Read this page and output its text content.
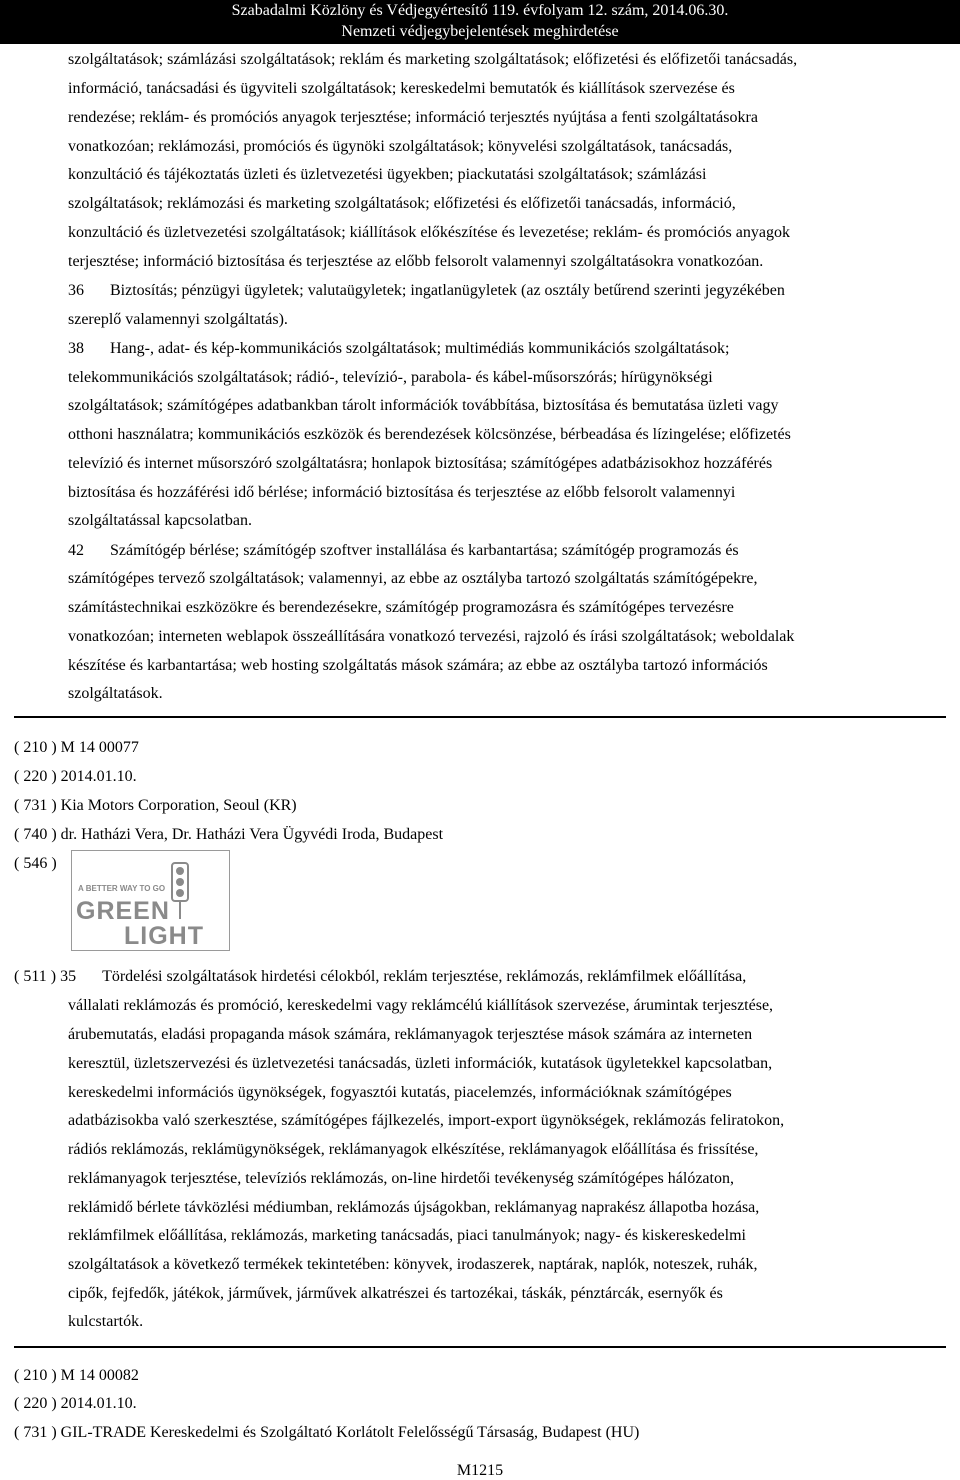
Szabadalmi Közlöny és Védjegyértesítő 119. évfolyam 12. szám, 2014.06.30.
Nemzeti védjegybejelentések meghirdetése
szolgáltatások; számlázási szolgáltatások; reklám és marketing szolgáltatások; előfizetési és előfizetői tanácsadás,
információ, tanácsadási és ügyviteli szolgáltatások; kereskedelmi bemutatók és kiállítások szervezése és
rendezése; reklám- és promóciós anyagok terjesztése; információ terjesztés nyújtása a fenti szolgáltatásokra
vonatkozóan; reklámozási, promóciós és ügynöki szolgáltatások; könyvelési szolgáltatások, tanácsadás,
konzultáció és tájékoztatás üzleti és üzletvezetési ügyekben; piackutatási szolgáltatások; számlázási
szolgáltatások; reklámozási és marketing szolgáltatások; előfizetési és előfizetői tanácsadás, információ,
konzultáció és üzletvezetési szolgáltatások; kiállítások előkészítése és levezetése; reklám- és promóciós anyagok
terjesztése; információ biztosítása és terjesztése az előbb felsorolt valamennyi szolgáltatásokra vonatkozóan.
36 Biztosítás; pénzügyi ügyletek; valutaügyletek; ingatlanügyletek (az osztály betűrend szerinti jegyzékében
szereplő valamennyi szolgáltatás).
38 Hang-, adat- és kép-kommunikációs szolgáltatások; multimédiás kommunikációs szolgáltatások;
telekommunikációs szolgáltatások; rádió-, televízió-, parabola- és kábel-műsorszórás; hírügynökségi
szolgáltatások; számítógépes adatbankban tárolt információk továbbítása, biztosítása és bemutatása üzleti vagy
otthoni használatra; kommunikációs eszközök és berendezések kölcsönzése, bérbeadása és lízingelése; előfizetés
televízió és internet műsorszóró szolgáltatásra; honlapok biztosítása; számítógépes adatbázisokhoz hozzáférés
biztosítása és hozzáférési idő bérlése; információ biztosítása és terjesztése az előbb felsorolt valamennyi
szolgáltatással kapcsolatban.
42 Számítógép bérlése; számítógép szoftver installálása és karbantartása; számítógép programozás és
számítógépes tervező szolgáltatások; valamennyi, az ebbe az osztályba tartozó szolgáltatás számítógépekre,
számítástechnikai eszközökre és berendezésekre, számítógép programozásra és számítógépes tervezésre
vonatkozóan; interneten weblapok összeállítására vonatkozó tervezési, rajzoló és írási szolgáltatások; weboldalak
készítése és karbantartása; web hosting szolgáltatás mások számára; az ebbe az osztályba tartozó információs
szolgáltatások.
( 210 ) M 14 00077
( 220 ) 2014.01.10.
( 731 ) Kia Motors Corporation, Seoul (KR)
( 740 ) dr. Hatházi Vera, Dr. Hatházi Vera Ügyvédi Iroda, Budapest
( 546 )
A BETTER WAY TO GO
GREEN
LIGHT
( 511 ) 35 Tördelési szolgáltatások hirdetési célokból, reklám terjesztése, reklámozás, reklámfilmek előállítása,
vállalati reklámozás és promóció, kereskedelmi vagy reklámcélú kiállítások szervezése, árumintak terjesztése,
árubemutatás, eladási propaganda mások számára, reklámanyagok terjesztése mások számára az interneten
keresztül, üzletszervezési és üzletvezetési tanácsadás, üzleti információk, kutatások ügyletekkel kapcsolatban,
kereskedelmi információs ügynökségek, fogyasztói kutatás, piacelemzés, információknak számítógépes
adatbázisokba való szerkesztése, számítógépes fájlkezelés, import-export ügynökségek, reklámozás feliratokon,
rádiós reklámozás, reklámügynökségek, reklámanyagok elkészítése, reklámanyagok előállítása és frissítése,
reklámanyagok terjesztése, televíziós reklámozás, on-line hirdetői tevékenység számítógépes hálózaton,
reklámidő bérlete távközlési médiumban, reklámozás újságokban, reklámanyag naprakész állapotba hozása,
reklámfilmek előállítása, reklámozás, marketing tanácsadás, piaci tanulmányok; nagy- és kiskereskedelmi
szolgáltatások a következő termékek tekintetében: könyvek, irodaszerek, naptárak, naplók, noteszek, ruhák,
cipők, fejfedők, játékok, járművek, járművek alkatrészei és tartozékai, táskák, pénztárcák, esernyők és
kulcstartók.
( 210 ) M 14 00082
( 220 ) 2014.01.10.
( 731 ) GIL-TRADE Kereskedelmi és Szolgáltató Korlátolt Felelősségű Társaság, Budapest (HU)
M1215
